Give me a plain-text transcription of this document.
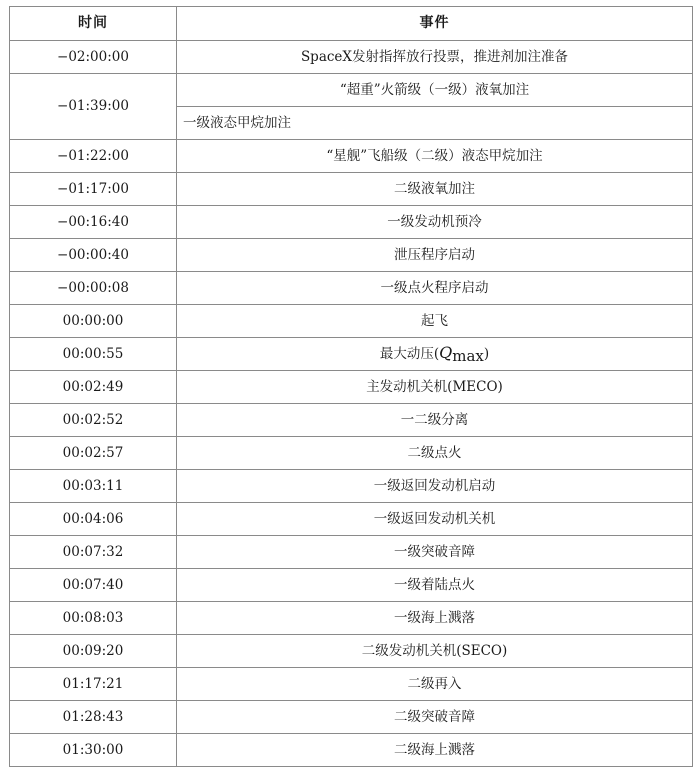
时间	事件
−02:00:00	SpaceX发射指挥放行投票，推进剂加注准备
−01:39:00	“超重”火箭级（一级）液氧加注
	一级液态甲烷加注
−01:22:00	“星舰”飞船级（二级）液态甲烷加注
−01:17:00	二级液氧加注
−00:16:40	一级发动机预冷
−00:00:40	泄压程序启动
−00:00:08	一级点火程序启动
00:00:00	起飞
00:00:55	最大动压(Qmax)
00:02:49	主发动机关机(MECO)
00:02:52	一二级分离
00:02:57	二级点火
00:03:11	一级返回发动机启动
00:04:06	一级返回发动机关机
00:07:32	一级突破音障
00:07:40	一级着陆点火
00:08:03	一级海上溅落
00:09:20	二级发动机关机(SECO)
01:17:21	二级再入
01:28:43	二级突破音障
01:30:00	二级海上溅落
